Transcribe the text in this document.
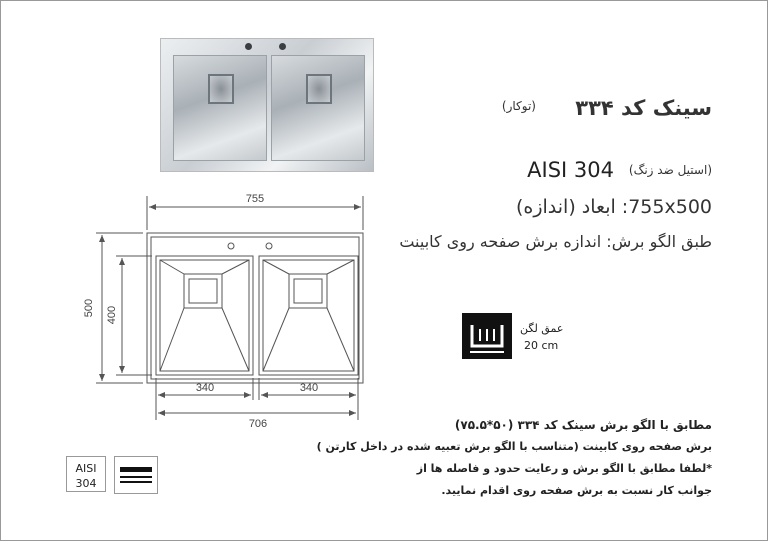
755
500 400
340	340
706
سینک کد ۳۳۴
(توکار)
AISI 304 (استیل ضد زنگ)
755x500: ابعاد (اندازه)
طبق الگو برش: اندازه برش صفحه روی کابینت
عمق لگن
20 cm
مطابق با الگو برش سینک کد ۳۳۴ (۵۰*۷۵.۵)
برش صفحه روی کابینت (متناسب با الگو برش تعبیه شده در داخل کارتن )
*لطفا مطابق با الگو برش و رعایت حدود و فاصله ها از
جوانب کار نسبت به برش صفحه روی اقدام نمایید.
AISI
304
